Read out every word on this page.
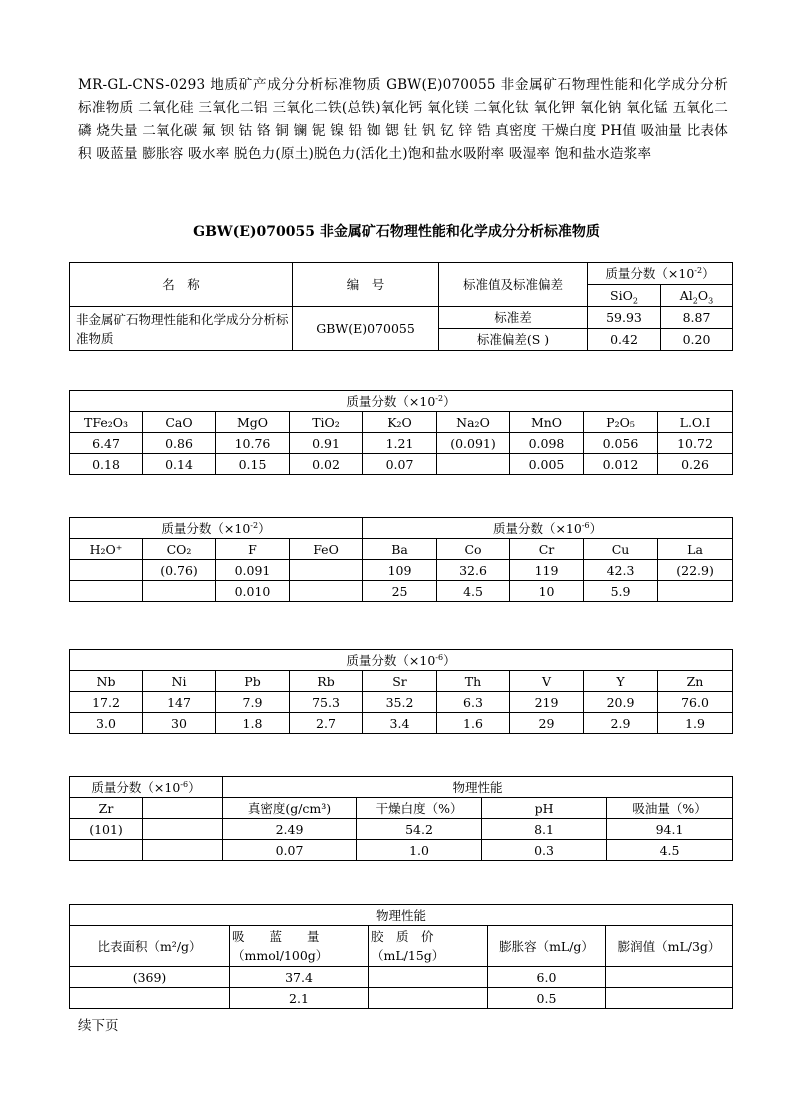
MR-GL-CNS-0293 地质矿产成分分析标准物质 GBW(E)070055 非金属矿石物理性能和化学成分分析标准物质 二氧化硅 三氧化二铝 三氧化二铁(总铁)氧化钙 氧化镁 二氧化钛 氧化钾 氧化钠 氧化锰 五氧化二磷 烧失量 二氧化碳 氟 钡 钴 铬 铜 镧 铌 镍 铅 铷 锶 钍 钒 钇 锌 锆 真密度 干燥白度 PH值 吸油量 比表体积 吸蓝量 膨胀容 吸水率 脱色力(原土)脱色力(活化土)饱和盐水吸附率 吸湿率 饱和盐水造浆率
GBW(E)070055 非金属矿石物理性能和化学成分分析标准物质
名　称	编　号	标准值及标准偏差	质量分数$(\times 10^{-2})$	
			SiO$_2$	$Al_2O_3$
非金属矿石物理性能和化学成分分析标准物质	GBW(E)070055	标准差	59.93	8.87
		标准偏差(S )	0.42	0.20
质量分数$(\times 10^{-2})$								
TFe₂O₃	CaO	MgO	TiO₂	K₂O	Na₂O	MnO	P₂O₅	L.O.I
6.47	0.86	10.76	0.91	1.21	(0.091)	0.098	0.056	10.72
0.18	0.14	0.15	0.02	0.07		0.005	0.012	0.26
质量分数$(\times 10^{-2})$				质量分数$(\times 10^{-6})$				
H₂O⁺	CO₂	F	FeO	Ba	Co	Cr	Cu	La
	(0.76)	0.091		109	32.6	119	42.3	(22.9)
		0.010		25	4.5	10	5.9	
质量分数$(\times 10^{-6})$								
Nb	Ni	Pb	Rb	Sr	Th	V	Y	Zn
17.2	147	7.9	75.3	35.2	6.3	219	20.9	76.0
3.0	30	1.8	2.7	3.4	1.6	29	2.9	1.9
质量分数$(\times 10^{-6})$		物理性能			
Zr		真密度(g/cm³)	干燥白度（%）	pH	吸油量（%）
(101)		2.49	54.2	8.1	94.1
		0.07	1.0	0.3	4.5
物理性能				
比表面积（m²/g）	吸　　蓝　　量（mmol/100g）	胶　质　价（mL/15g）	膨胀容（mL/g）	膨润值（mL/3g）
(369)	37.4		6.0	
	2.1		0.5	
续下页
